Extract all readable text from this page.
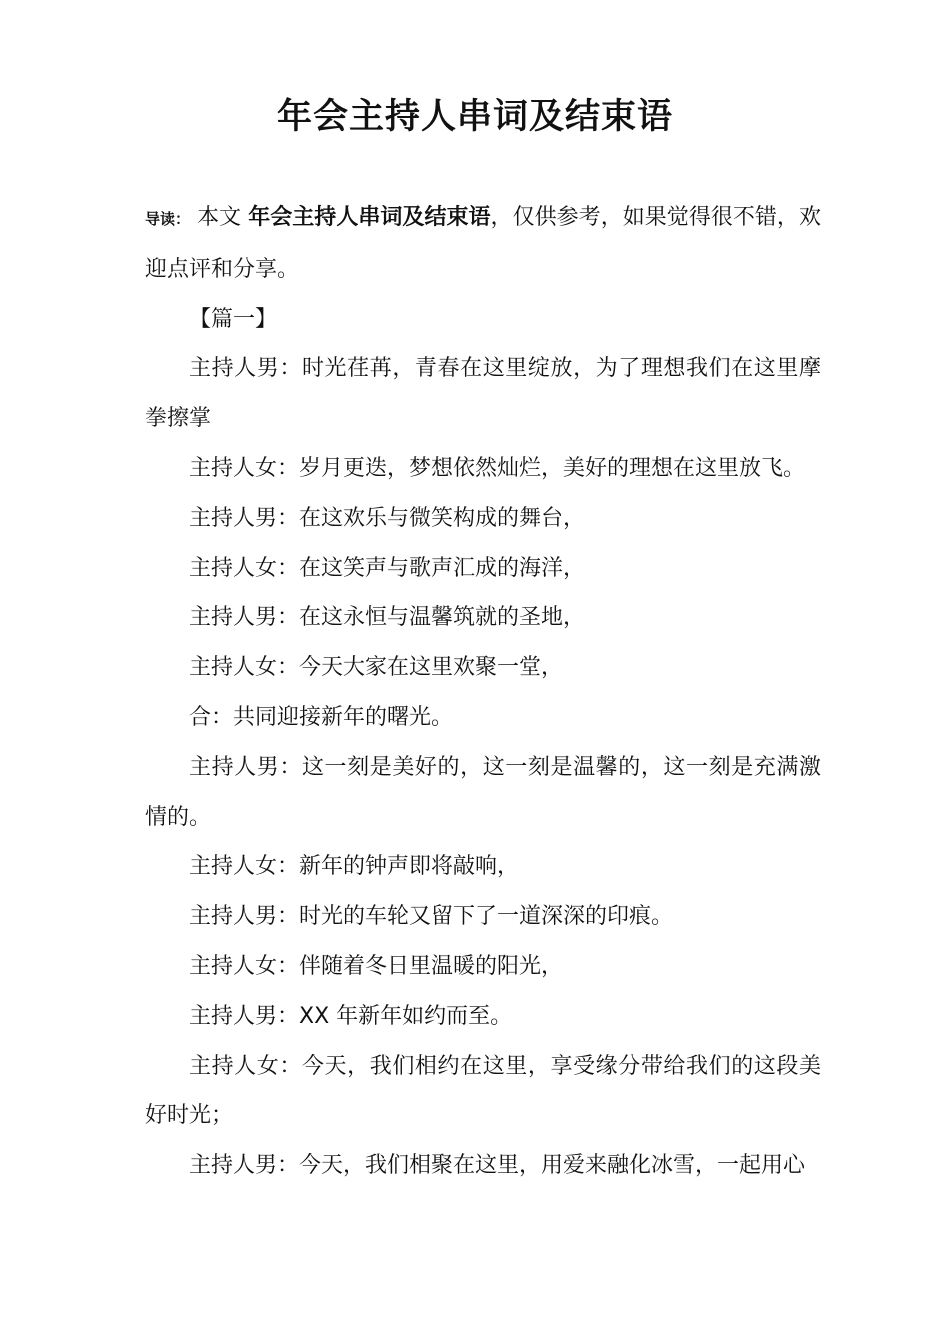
年会主持人串词及结束语

导读： 本文 年会主持人串词及结束语，仅供参考，如果觉得很不错，欢迎点评和分享。

【篇一】

主持人男：时光荏苒，青春在这里绽放，为了理想我们在这里摩拳擦掌

主持人女：岁月更迭，梦想依然灿烂，美好的理想在这里放飞。

主持人男：在这欢乐与微笑构成的舞台，

主持人女：在这笑声与歌声汇成的海洋，

主持人男：在这永恒与温馨筑就的圣地，

主持人女：今天大家在这里欢聚一堂，

合：共同迎接新年的曙光。

主持人男：这一刻是美好的，这一刻是温馨的，这一刻是充满激情的。

主持人女：新年的钟声即将敲响，

主持人男：时光的车轮又留下了一道深深的印痕。

主持人女：伴随着冬日里温暖的阳光，

主持人男：XX 年新年如约而至。

主持人女：今天，我们相约在这里，享受缘分带给我们的这段美好时光；

主持人男：今天，我们相聚在这里，用爱来融化冰雪，一起用心
